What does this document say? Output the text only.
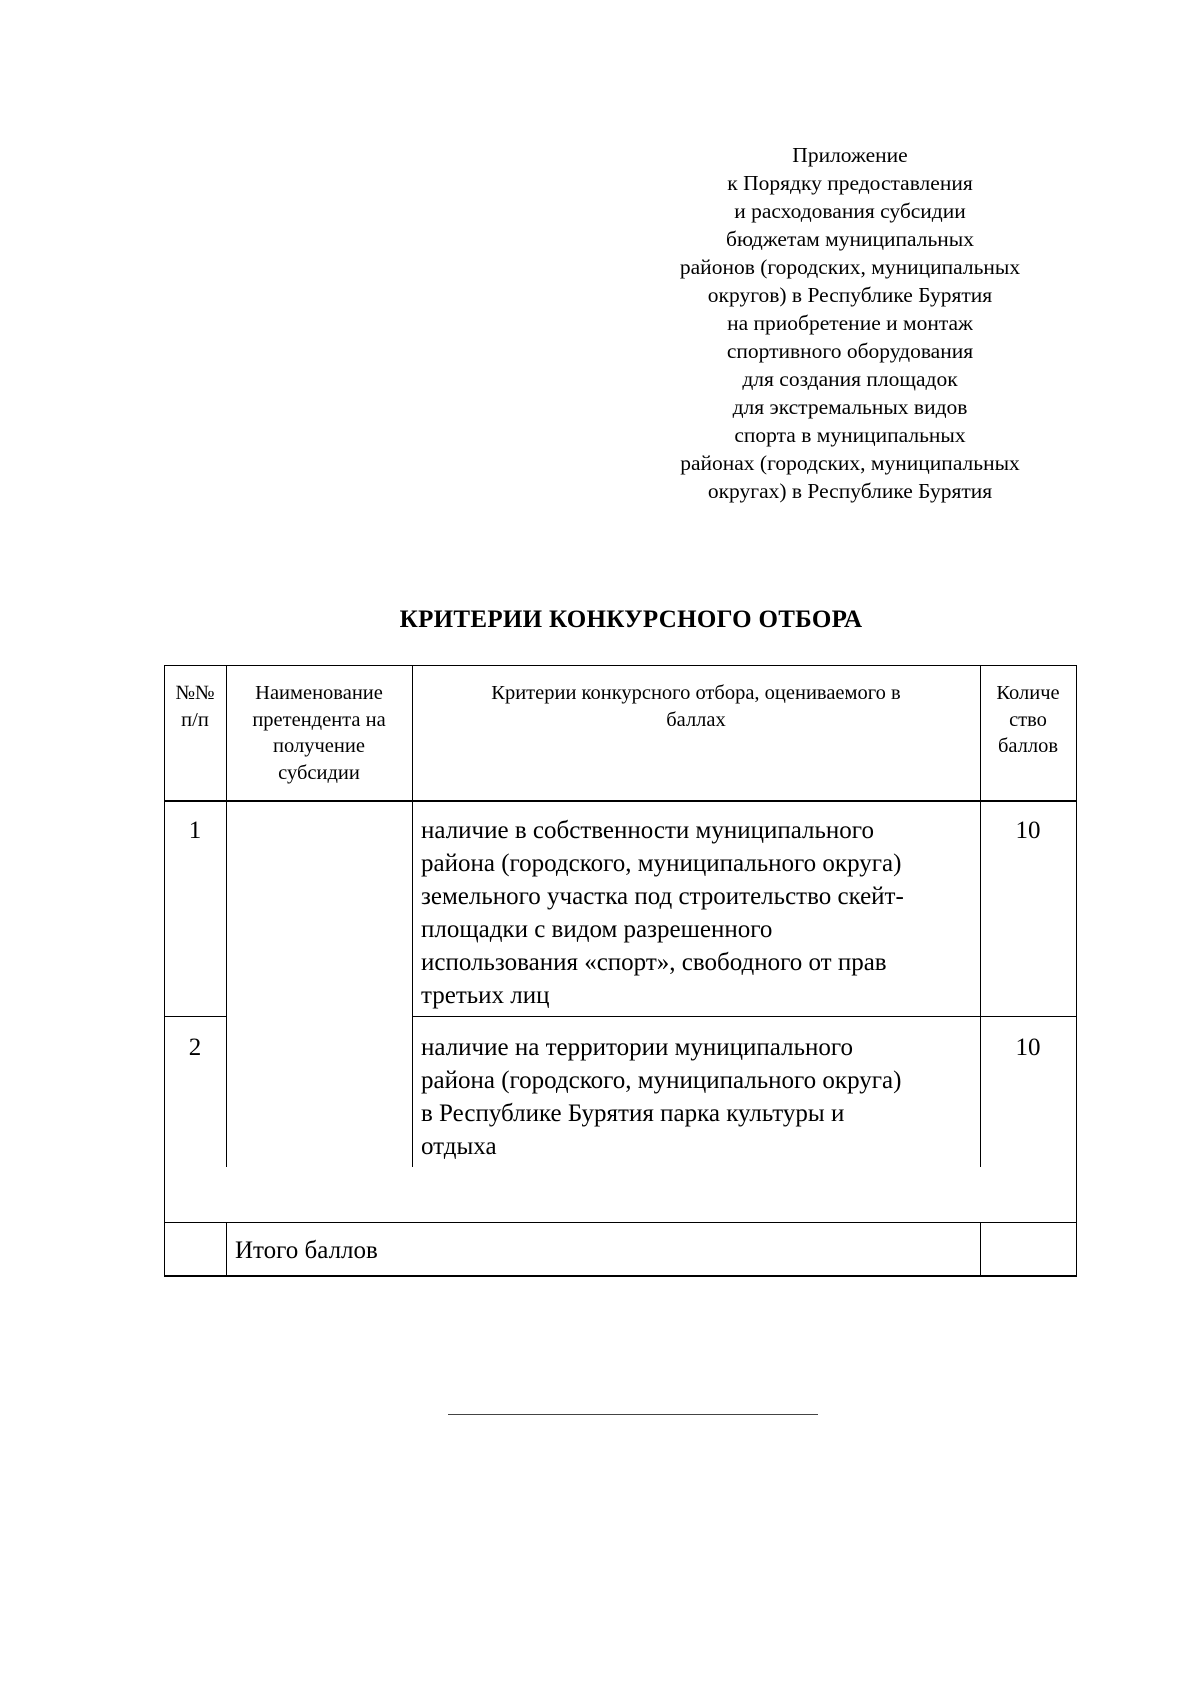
Приложение
к Порядку предоставления
и расходования субсидии
бюджетам муниципальных
районов (городских, муниципальных
округов) в Республике Бурятия
на приобретение и монтаж
спортивного оборудования
для создания площадок
для экстремальных видов
спорта в муниципальных
районах (городских, муниципальных
округах) в Республике Бурятия
КРИТЕРИИ КОНКУРСНОГО ОТБОРА
№№
п/п
Наименование
претендента на
получение
субсидии
Критерии конкурсного отбора, оцениваемого в
баллах
Количе
ство
баллов
1	наличие в собственности муниципального
района (городского, муниципального округа)
земельного участка под строительство скейт-
площадки с видом разрешенного
использования «спорт», свободного от прав
третьих лиц
10
2	наличие на территории муниципального
района (городского, муниципального округа)
в Республике Бурятия парка культуры и
отдыха
10
Итого баллов
